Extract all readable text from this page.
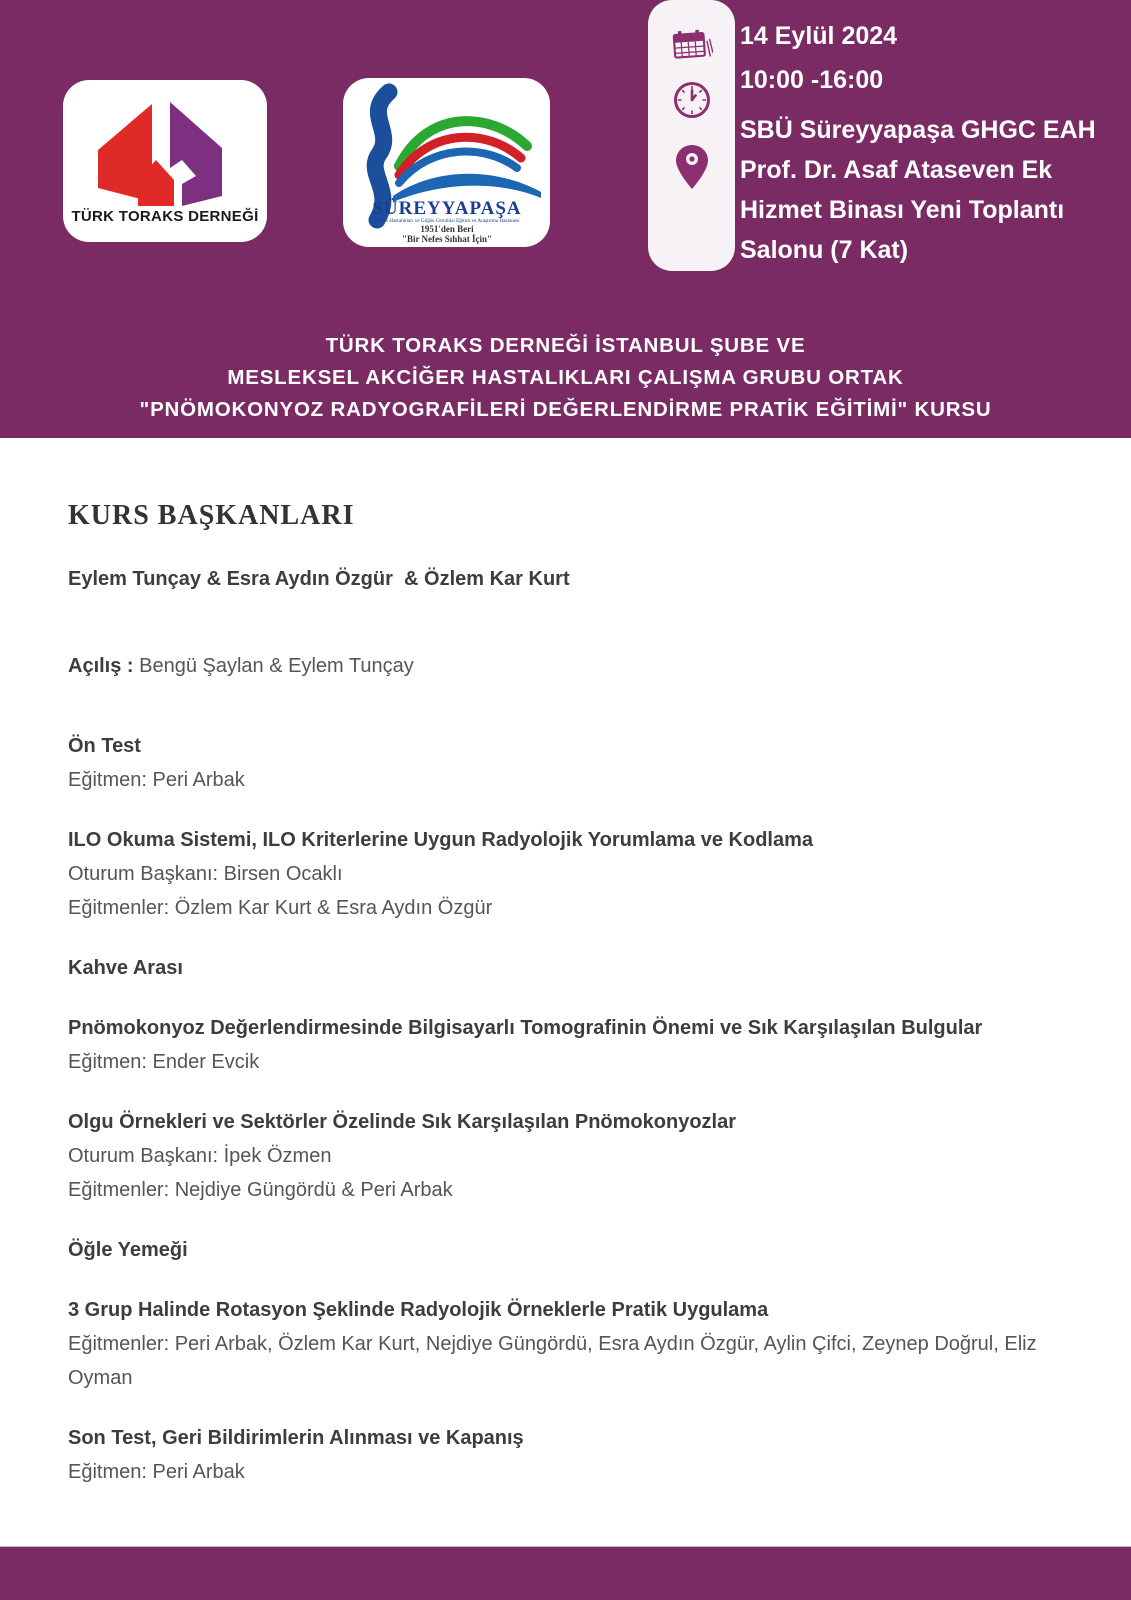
TÜRK TORAKS DERNEĞİ	SÜREYYAPAŞA
Göğüs Hastalıkları ve Göğüs Cerrahisi Eğitim ve Araştırma Hastanesi
1951'den Beri
"Bir Nefes Sıhhat İçin"
14 Eylül 2024
10:00 -16:00
SBÜ Süreyyapaşa GHGC EAH Prof. Dr. Asaf Ataseven Ek Hizmet Binası Yeni Toplantı Salonu (7 Kat)
TÜRK TORAKS DERNEĞİ İSTANBUL ŞUBE VE
MESLEKSEL AKCİĞER HASTALIKLARI ÇALIŞMA GRUBU ORTAK
"PNÖMOKONYOZ RADYOGRAFİLERİ DEĞERLENDİRME PRATİK EĞİTİMİ" KURSU
KURS BAŞKANLARI
Eylem Tunçay & Esra Aydın Özgür  & Özlem Kar Kurt
Açılış : Bengü Şaylan & Eylem Tunçay
Ön Test
Eğitmen: Peri Arbak
ILO Okuma Sistemi, ILO Kriterlerine Uygun Radyolojik Yorumlama ve Kodlama
Oturum Başkanı: Birsen Ocaklı
Eğitmenler: Özlem Kar Kurt & Esra Aydın Özgür
Kahve Arası
Pnömokonyoz Değerlendirmesinde Bilgisayarlı Tomografinin Önemi ve Sık Karşılaşılan Bulgular
Eğitmen: Ender Evcik
Olgu Örnekleri ve Sektörler Özelinde Sık Karşılaşılan Pnömokonyozlar
Oturum Başkanı: İpek Özmen
Eğitmenler: Nejdiye Güngördü & Peri Arbak
Öğle Yemeği
3 Grup Halinde Rotasyon Şeklinde Radyolojik Örneklerle Pratik Uygulama
Eğitmenler: Peri Arbak, Özlem Kar Kurt, Nejdiye Güngördü, Esra Aydın Özgür, Aylin Çifci, Zeynep Doğrul, Eliz Oyman
Son Test, Geri Bildirimlerin Alınması ve Kapanış
Eğitmen: Peri Arbak
